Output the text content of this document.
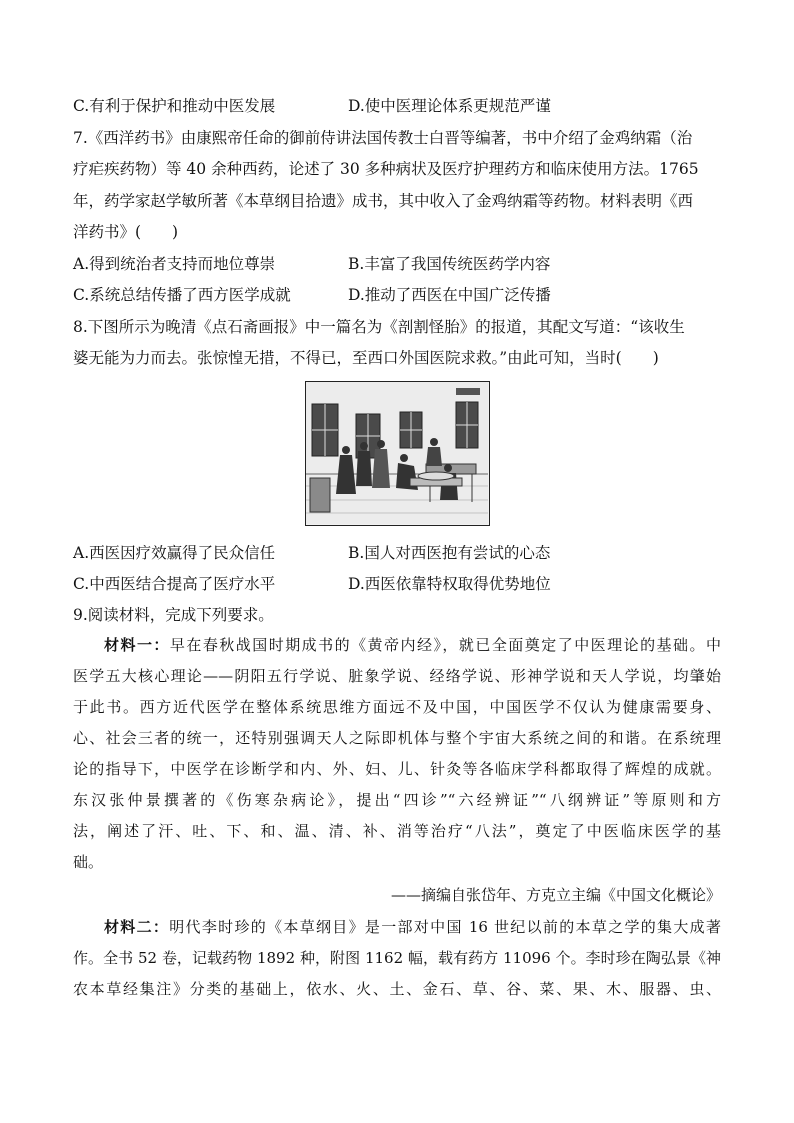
C.有利于保护和推动中医发展	D.使中医理论体系更规范严谨
7.《西洋药书》由康熙帝任命的御前侍讲法国传教士白晋等编著，书中介绍了金鸡纳霜（治
疗疟疾药物）等 40 余种西药，论述了 30 多种病状及医疗护理药方和临床使用方法。1765
年，药学家赵学敏所著《本草纲目拾遗》成书，其中收入了金鸡纳霜等药物。材料表明《西
洋药书》(　　)
A.得到统治者支持而地位尊崇	B.丰富了我国传统医药学内容
C.系统总结传播了西方医学成就	D.推动了西医在中国广泛传播
8.下图所示为晚清《点石斋画报》中一篇名为《剖割怪胎》的报道，其配文写道：“该收生
婆无能为力而去。张惊惶无措，不得已，至西口外国医院求救。”由此可知，当时(　　)
A.西医因疗效赢得了民众信任	B.国人对西医抱有尝试的心态
C.中西医结合提高了医疗水平	D.西医依靠特权取得优势地位
9.阅读材料，完成下列要求。
材料一：早在春秋战国时期成书的《黄帝内经》，就已全面奠定了中医理论的基础。中
医学五大核心理论——阴阳五行学说、脏象学说、经络学说、形神学说和天人学说，均肇始
于此书。西方近代医学在整体系统思维方面远不及中国，中国医学不仅认为健康需要身、
心、社会三者的统一，还特别强调天人之际即机体与整个宇宙大系统之间的和谐。在系统理
论的指导下，中医学在诊断学和内、外、妇、儿、针灸等各临床学科都取得了辉煌的成就。
东汉张仲景撰著的《伤寒杂病论》，提出“四诊”“六经辨证”“八纲辨证”等原则和方
法，阐述了汗、吐、下、和、温、清、补、消等治疗“八法”，奠定了中医临床医学的基
础。
——摘编自张岱年、方克立主编《中国文化概论》
材料二：明代李时珍的《本草纲目》是一部对中国 16 世纪以前的本草之学的集大成著
作。全书 52 卷，记载药物 1892 种，附图 1162 幅，载有药方 11096 个。李时珍在陶弘景《神
农本草经集注》分类的基础上，依水、火、土、金石、草、谷、菜、果、木、服器、虫、
